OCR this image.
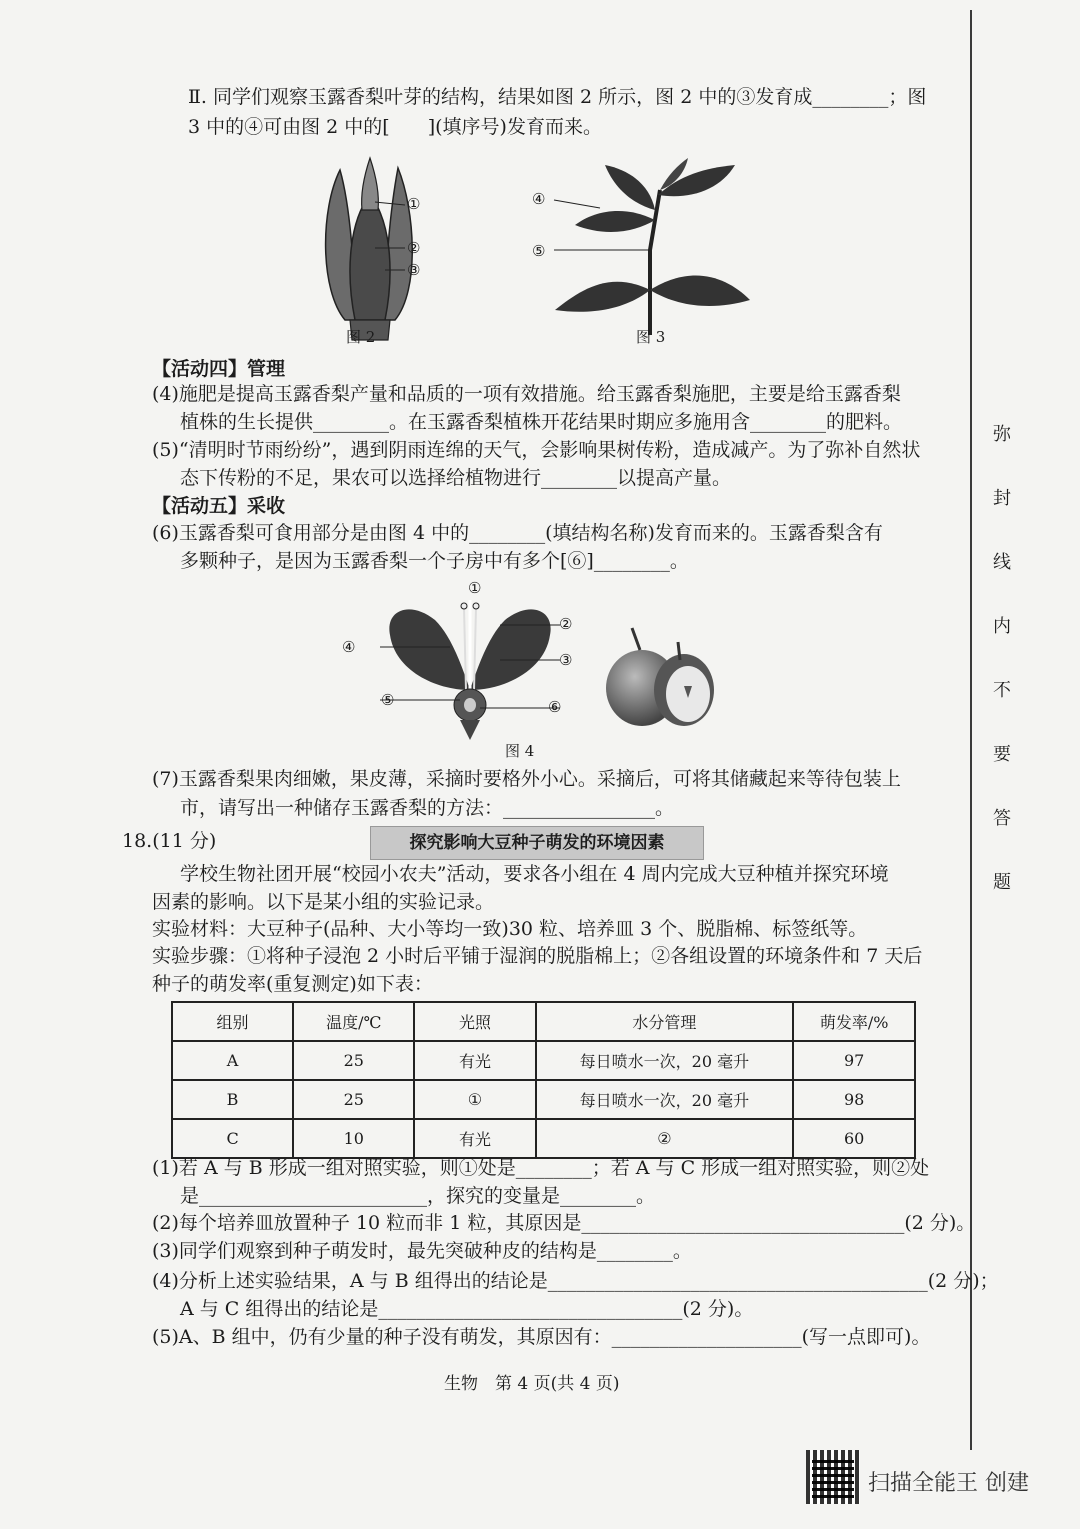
弥
封
线
内
不
要
答
题
Ⅱ. 同学们观察玉露香梨叶芽的结构，结果如图 2 所示，图 2 中的③发育成________；图
3 中的④可由图 2 中的[　　](填序号)发育而来。
①
②
③
图 2
④
⑤
图 3
【活动四】管理
(4)施肥是提高玉露香梨产量和品质的一项有效措施。给玉露香梨施肥，主要是给玉露香梨
植株的生长提供________。在玉露香梨植株开花结果时期应多施用含________的肥料。
(5)“清明时节雨纷纷”，遇到阴雨连绵的天气，会影响果树传粉，造成减产。为了弥补自然状
态下传粉的不足，果农可以选择给植物进行________以提高产量。
【活动五】采收
(6)玉露香梨可食用部分是由图 4 中的________(填结构名称)发育而来的。玉露香梨含有
多颗种子，是因为玉露香梨一个子房中有多个[⑥]________。
①
②
③
④
⑤	⑥
图 4
(7)玉露香梨果肉细嫩，果皮薄，采摘时要格外小心。采摘后，可将其储藏起来等待包装上
市，请写出一种储存玉露香梨的方法：________________。
18.(11 分)	探究影响大豆种子萌发的环境因素
学校生物社团开展“校园小农夫”活动，要求各小组在 4 周内完成大豆种植并探究环境
因素的影响。以下是某小组的实验记录。
实验材料：大豆种子(品种、大小等均一致)30 粒、培养皿 3 个、脱脂棉、标签纸等。
实验步骤：①将种子浸泡 2 小时后平铺于湿润的脱脂棉上；②各组设置的环境条件和 7 天后
种子的萌发率(重复测定)如下表：
组别	温度/℃	光照	水分管理	萌发率/%
A	25	有光	每日喷水一次，20 毫升	97
B	25	①	每日喷水一次，20 毫升	98
C	10	有光	②	60
(1)若 A 与 B 形成一组对照实验，则①处是________；若 A 与 C 形成一组对照实验，则②处
是________________________，探究的变量是________。
(2)每个培养皿放置种子 10 粒而非 1 粒，其原因是__________________________________(2 分)。
(3)同学们观察到种子萌发时，最先突破种皮的结构是________。
(4)分析上述实验结果，A 与 B 组得出的结论是________________________________________(2 分)；
A 与 C 组得出的结论是________________________________(2 分)。
(5)A、B 组中，仍有少量的种子没有萌发，其原因有：____________________(写一点即可)。
生物　第 4 页(共 4 页)
扫描全能王 创建
